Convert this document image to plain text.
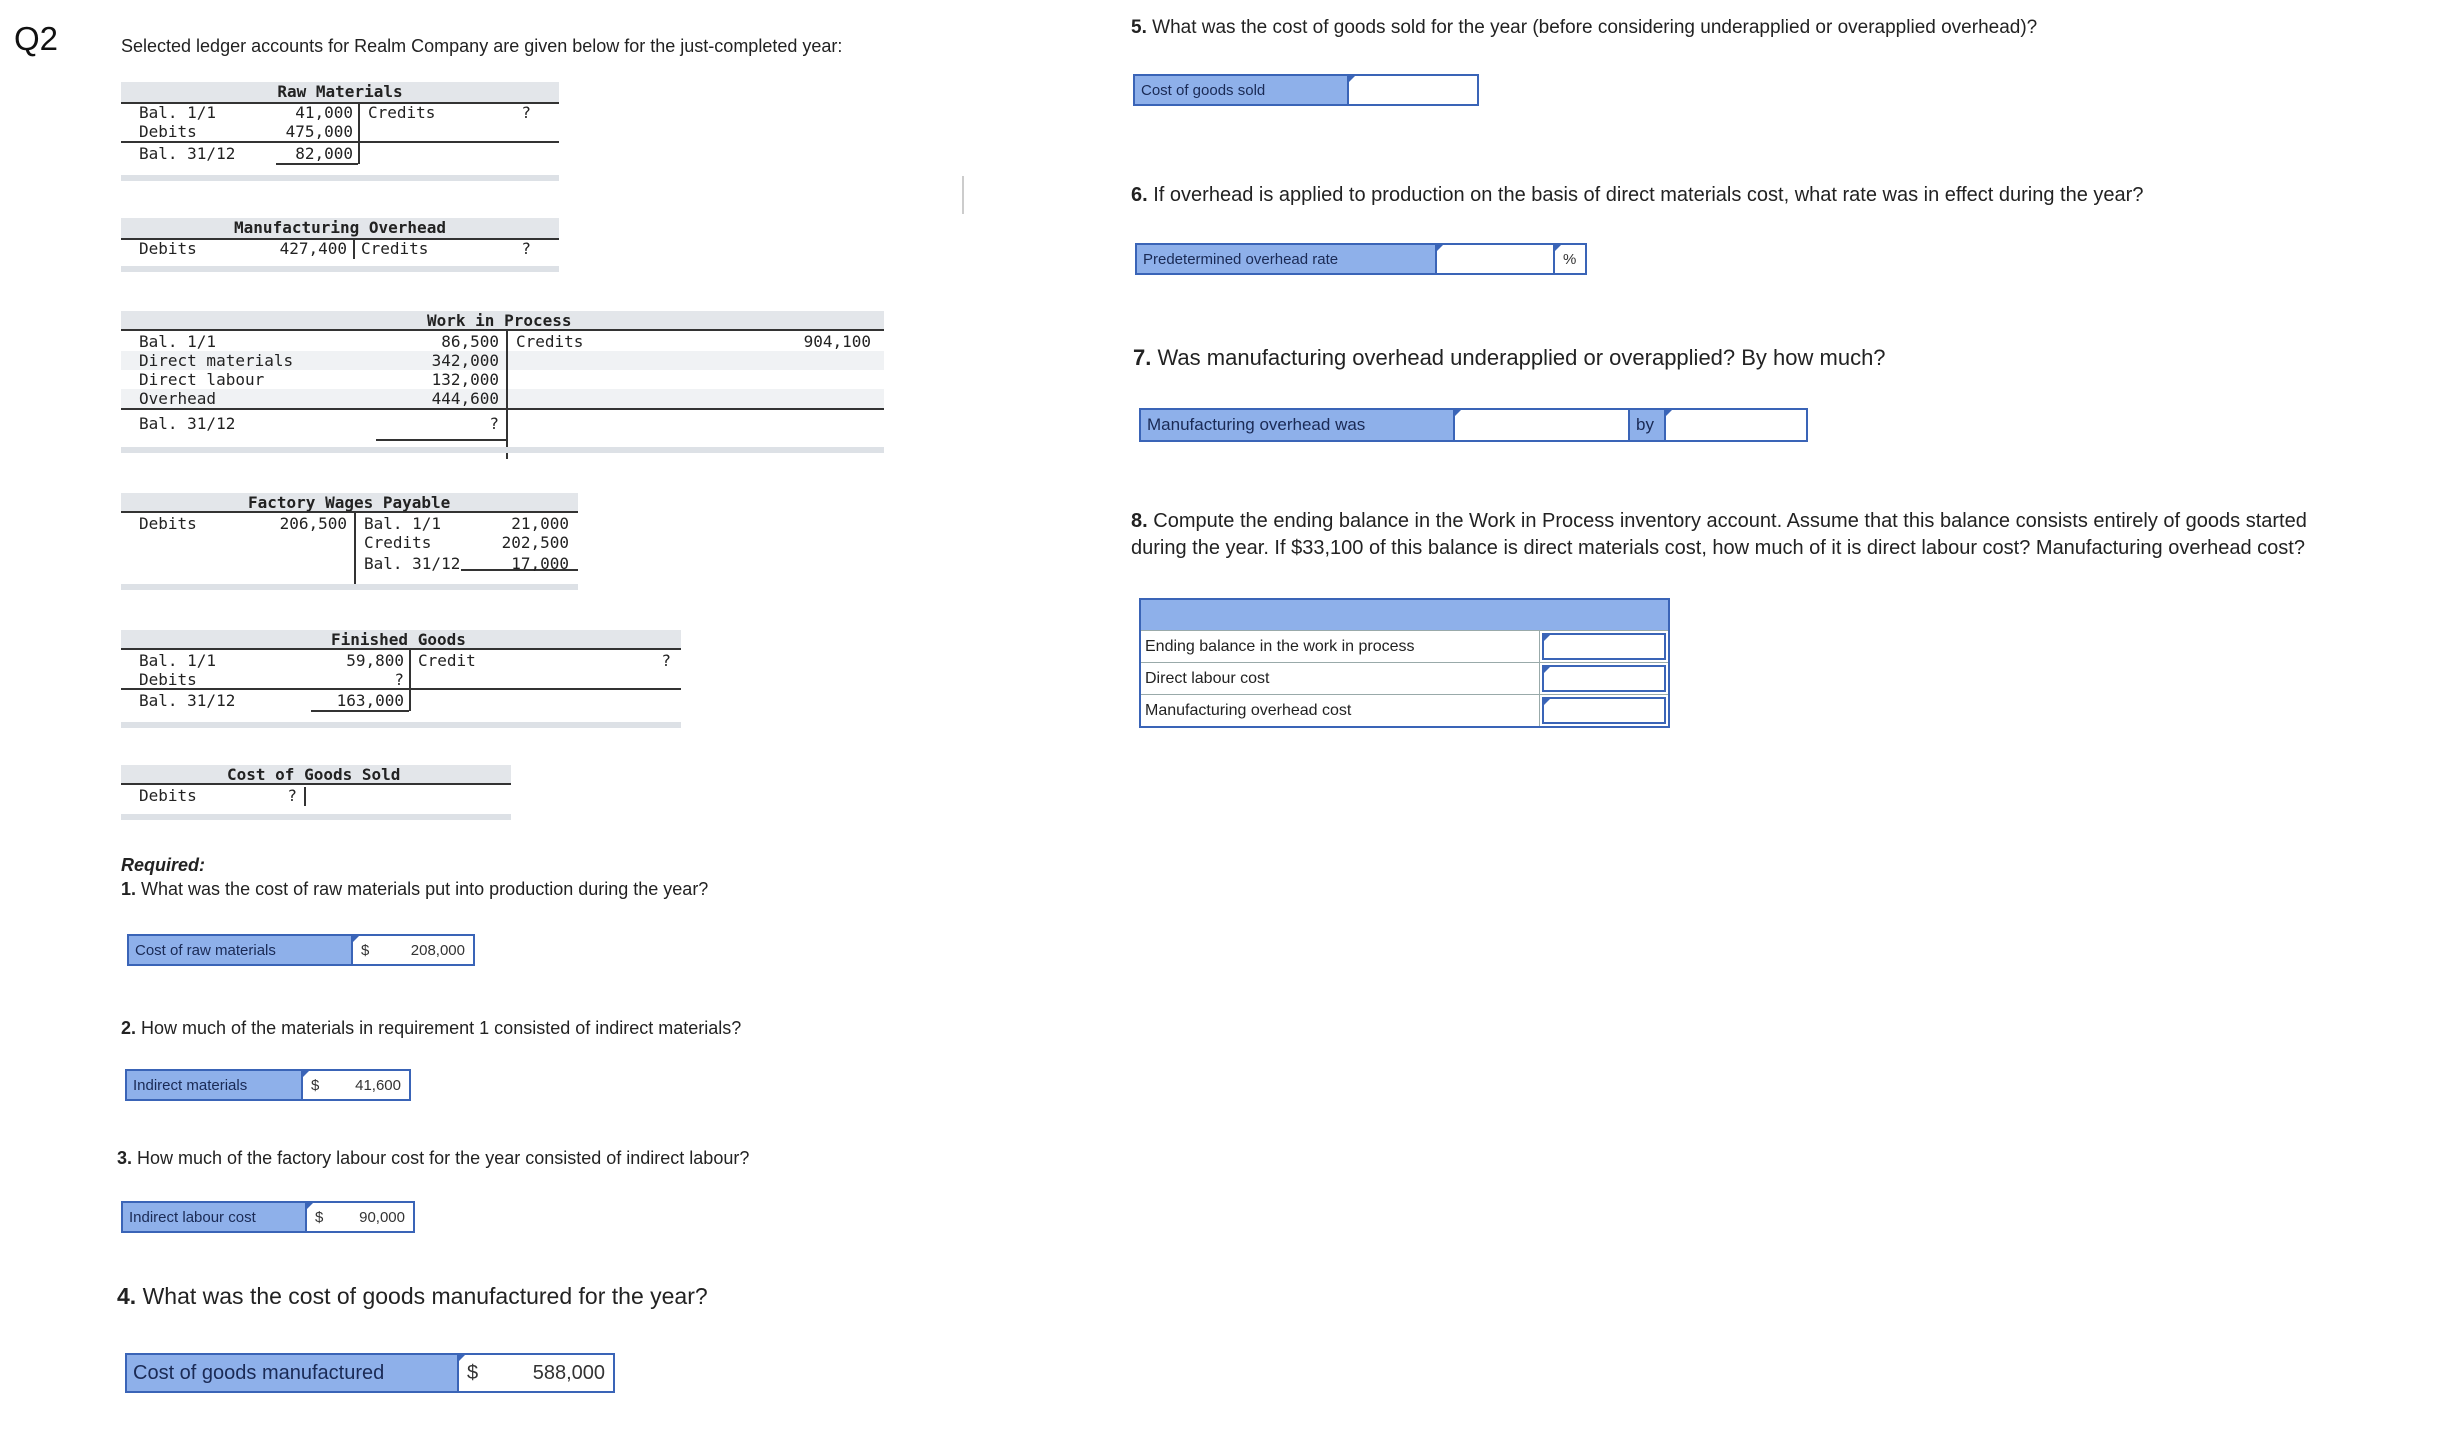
Q2	Selected ledger accounts for Realm Company are given below for the just-completed year:
Raw Materials
Bal. 1/1	41,000 Credits	?
Debits	475,000
Bal. 31/12	82,000
Manufacturing Overhead
Debits	427,400 Credits	?
Work in Process
Bal. 1/1	86,500 Credits	904,100
Direct materials	342,000
Direct labour	132,000
Overhead	444,600
Bal. 31/12	?
Factory Wages Payable
Debits	206,500 Bal. 1/1	21,000
Credits	202,500
Bal. 31/12	17,000
Finished Goods
Bal. 1/1	59,800 Credit	?
Debits	?
Bal. 31/12	163,000
Cost of Goods Sold
Debits	?
Required:
1. What was the cost of raw materials put into production during the year?
Cost of raw materials	$	208,000
2. How much of the materials in requirement 1 consisted of indirect materials?
Indirect materials	$ 41,600
3. How much of the factory labour cost for the year consisted of indirect labour?
Indirect labour cost	$ 90,000
4. What was the cost of goods manufactured for the year?
Cost of goods manufactured	$	588,000
5. What was the cost of goods sold for the year (before considering underapplied or overapplied overhead)?
Cost of goods sold
6. If overhead is applied to production on the basis of direct materials cost, what rate was in effect during the year?
Predetermined overhead rate	%
7. Was manufacturing overhead underapplied or overapplied? By how much?
Manufacturing overhead was	by
8. Compute the ending balance in the Work in Process inventory account. Assume that this balance consists entirely of goods started
during the year. If $33,100 of this balance is direct materials cost, how much of it is direct labour cost? Manufacturing overhead cost?
Ending balance in the work in process
Direct labour cost
Manufacturing overhead cost
